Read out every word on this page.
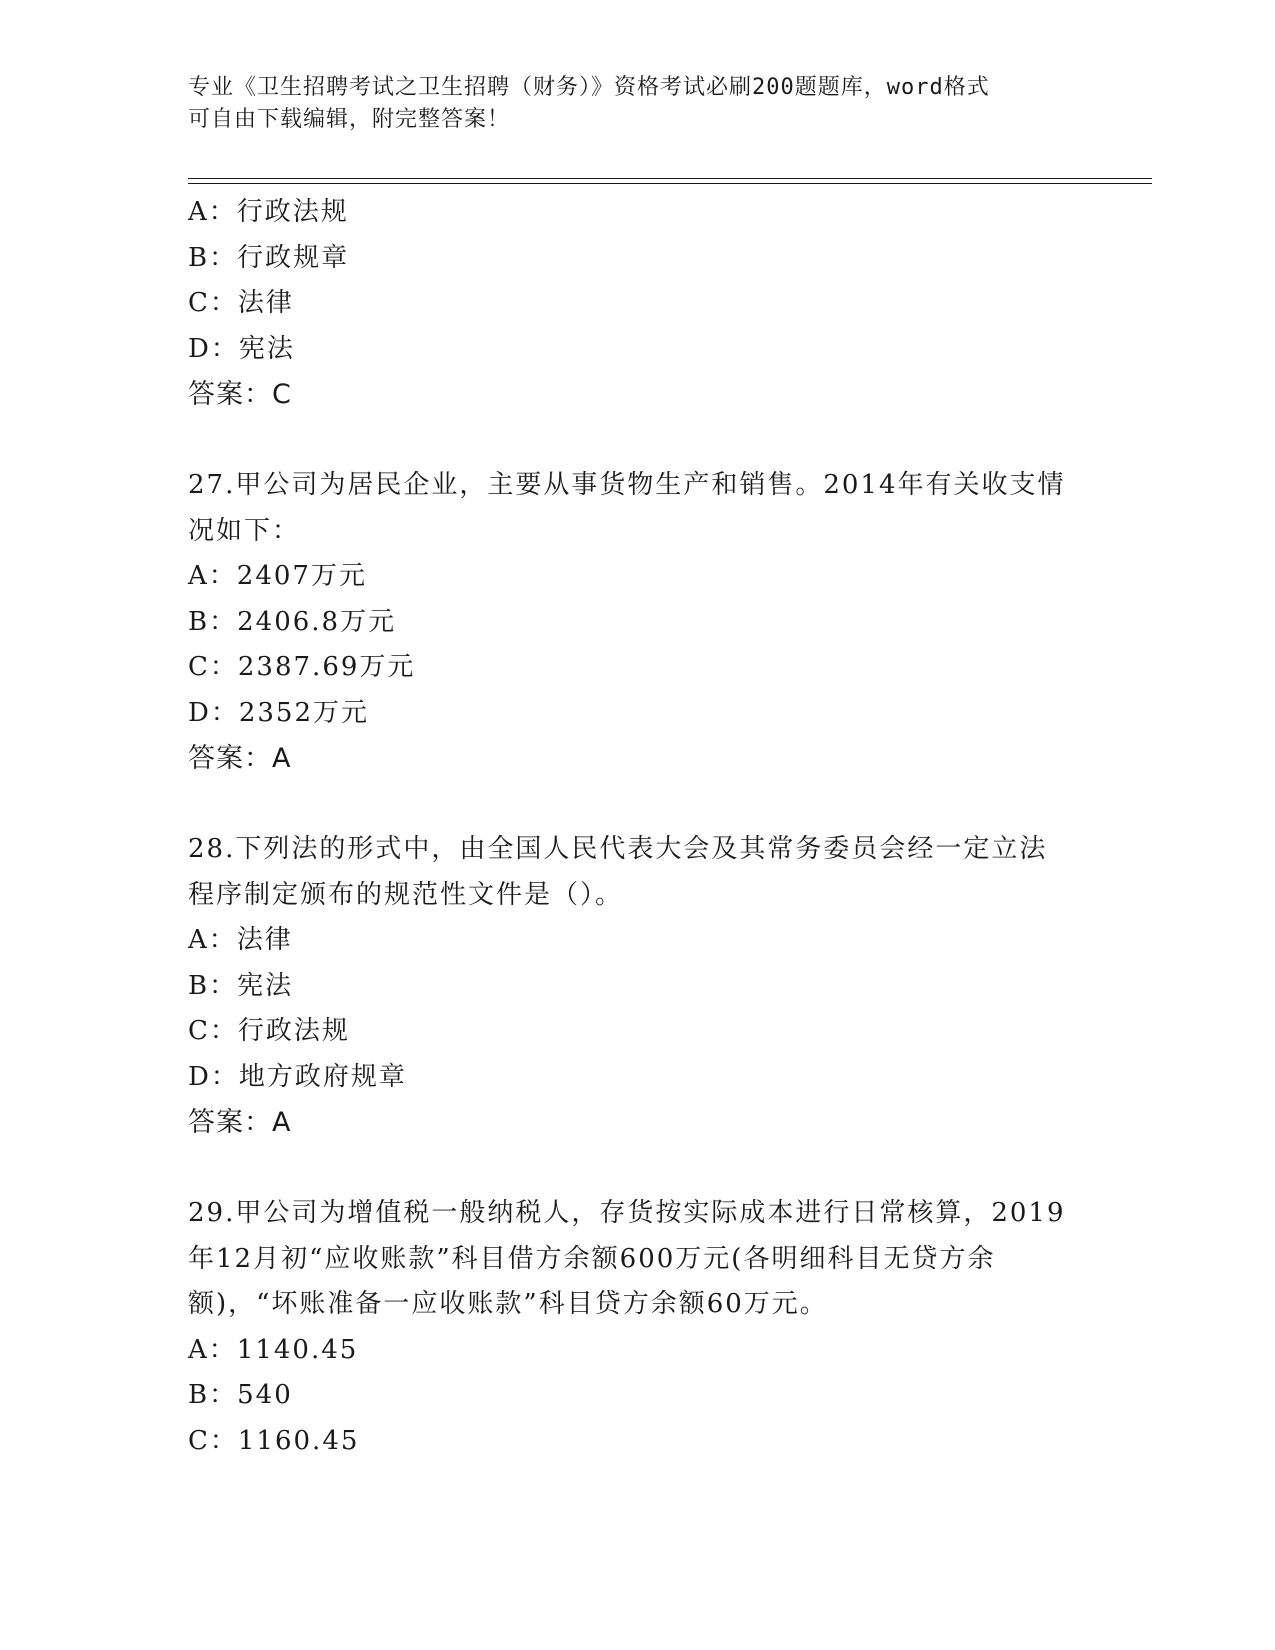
专业《卫生招聘考试之卫生招聘（财务）》资格考试必刷200题题库，word格式
可自由下载编辑，附完整答案！
A：行政法规
B：行政规章
C：法律
D：宪法
答案：C
27.甲公司为居民企业，主要从事货物生产和销售。2014年有关收支情
况如下：
A：2407万元
B：2406.8万元
C：2387.69万元
D：2352万元
答案：A
28.下列法的形式中，由全国人民代表大会及其常务委员会经一定立法
程序制定颁布的规范性文件是（）。
A：法律
B：宪法
C：行政法规
D：地方政府规章
答案：A
29.甲公司为增值税一般纳税人，存货按实际成本进行日常核算，2019
年12月初“应收账款”科目借方余额600万元(各明细科目无贷方余
额)，“坏账准备一应收账款”科目贷方余额60万元。
A：1140.45
B：540
C：1160.45
